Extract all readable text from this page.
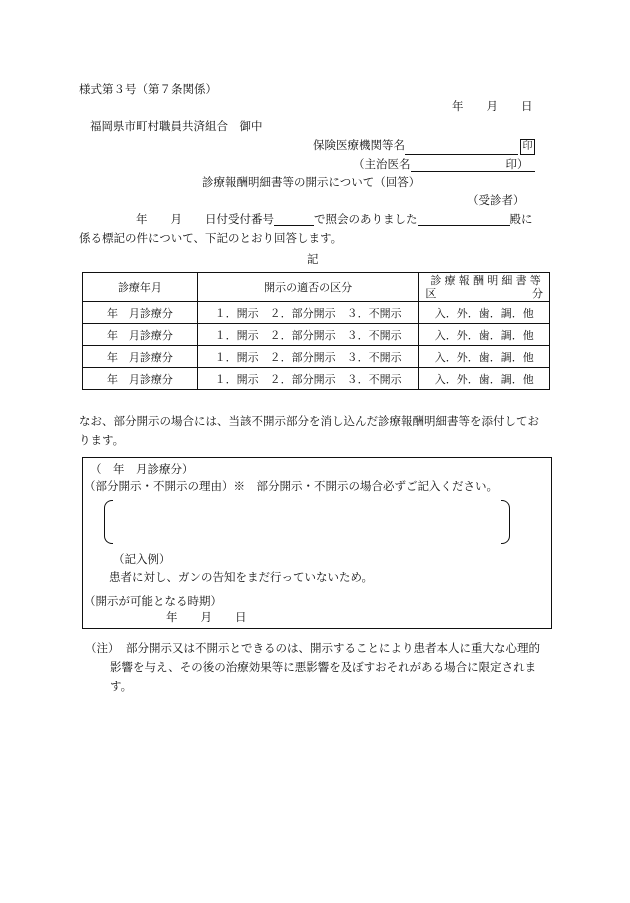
様式第３号（第７条関係）
年　　月　　日
福岡県市町村職員共済組合　御中
保険医療機関等名	印
（主治医名	印）
診療報酬明細書等の開示について（回答）
（受診者）
年　　月　　日付受付番号	で照会のありました	殿に
係る標記の件について、下記のとおり回答します。
記
診療年月	開示の適否の区分	診療報酬明細書等
区 分

年　月診療分	１．開示　２．部分開示　３．不開示	入．外．歯．調．他
年　月診療分	１．開示　２．部分開示　３．不開示	入．外．歯．調．他
年　月診療分	１．開示　２．部分開示　３．不開示	入．外．歯．調．他
年　月診療分	１．開示　２．部分開示　３．不開示	入．外．歯．調．他
なお、部分開示の場合には、当該不開示部分を消し込んだ診療報酬明細書等を添付してお
ります。
（　年　月診療分）
（部分開示・不開示の理由）※　部分開示・不開示の場合必ずご記入ください。
（記入例）
患者に対し、ガンの告知をまだ行っていないため。
（開示が可能となる時期）
年　　月　　日
（注） 部分開示又は不開示とできるのは、開示することにより患者本人に重大な心理的
影響を与え、その後の治療効果等に悪影響を及ぼすおそれがある場合に限定されま
す。
